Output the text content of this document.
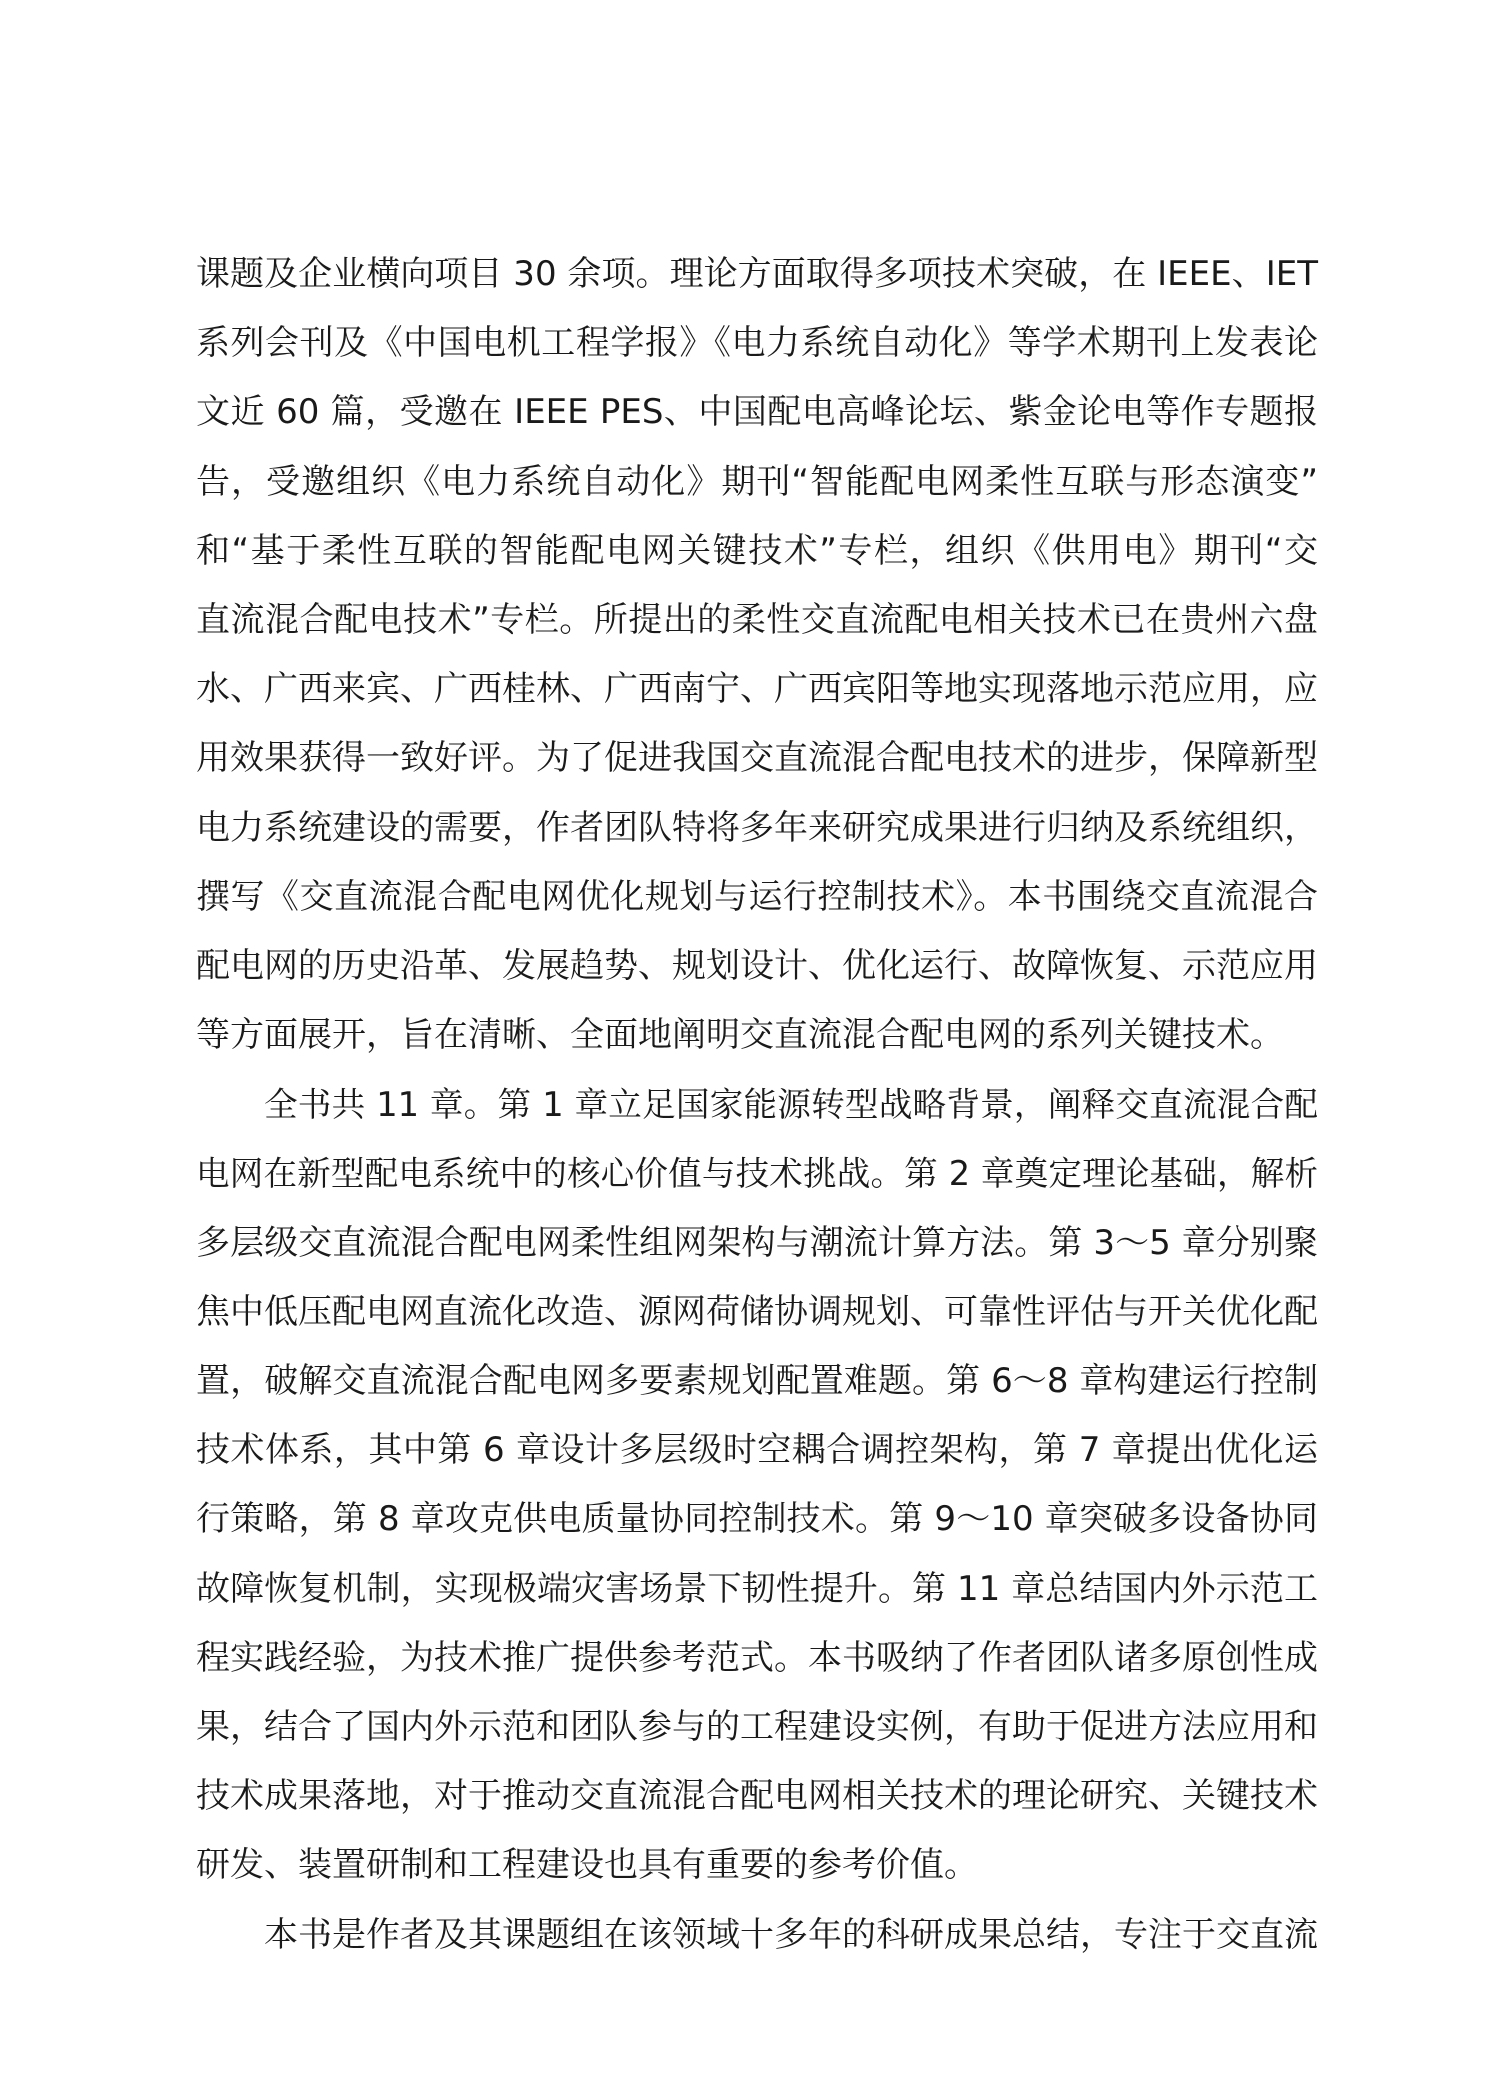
课题及企业横向项目 30 余项。理论方面取得多项技术突破，在 IEEE、IET
系列会刊及《中国电机工程学报》《电力系统自动化》等学术期刊上发表论
文近 60 篇，受邀在 IEEE PES、中国配电高峰论坛、紫金论电等作专题报
告，受邀组织《电力系统自动化》期刊“智能配电网柔性互联与形态演变”
和“基于柔性互联的智能配电网关键技术”专栏，组织《供用电》期刊“交
直流混合配电技术”专栏。所提出的柔性交直流配电相关技术已在贵州六盘
水、广西来宾、广西桂林、广西南宁、广西宾阳等地实现落地示范应用，应
用效果获得一致好评。为了促进我国交直流混合配电技术的进步，保障新型
电力系统建设的需要，作者团队特将多年来研究成果进行归纳及系统组织，
撰写《交直流混合配电网优化规划与运行控制技术》。本书围绕交直流混合
配电网的历史沿革、发展趋势、规划设计、优化运行、故障恢复、示范应用
等方面展开，旨在清晰、全面地阐明交直流混合配电网的系列关键技术。
全书共 11 章。第 1 章立足国家能源转型战略背景，阐释交直流混合配
电网在新型配电系统中的核心价值与技术挑战。第 2 章奠定理论基础，解析
多层级交直流混合配电网柔性组网架构与潮流计算方法。第 3～5 章分别聚
焦中低压配电网直流化改造、源网荷储协调规划、可靠性评估与开关优化配
置，破解交直流混合配电网多要素规划配置难题。第 6～8 章构建运行控制
技术体系，其中第 6 章设计多层级时空耦合调控架构，第 7 章提出优化运
行策略，第 8 章攻克供电质量协同控制技术。第 9～10 章突破多设备协同
故障恢复机制，实现极端灾害场景下韧性提升。第 11 章总结国内外示范工
程实践经验，为技术推广提供参考范式。本书吸纳了作者团队诸多原创性成
果，结合了国内外示范和团队参与的工程建设实例，有助于促进方法应用和
技术成果落地，对于推动交直流混合配电网相关技术的理论研究、关键技术
研发、装置研制和工程建设也具有重要的参考价值。
本书是作者及其课题组在该领域十多年的科研成果总结，专注于交直流
